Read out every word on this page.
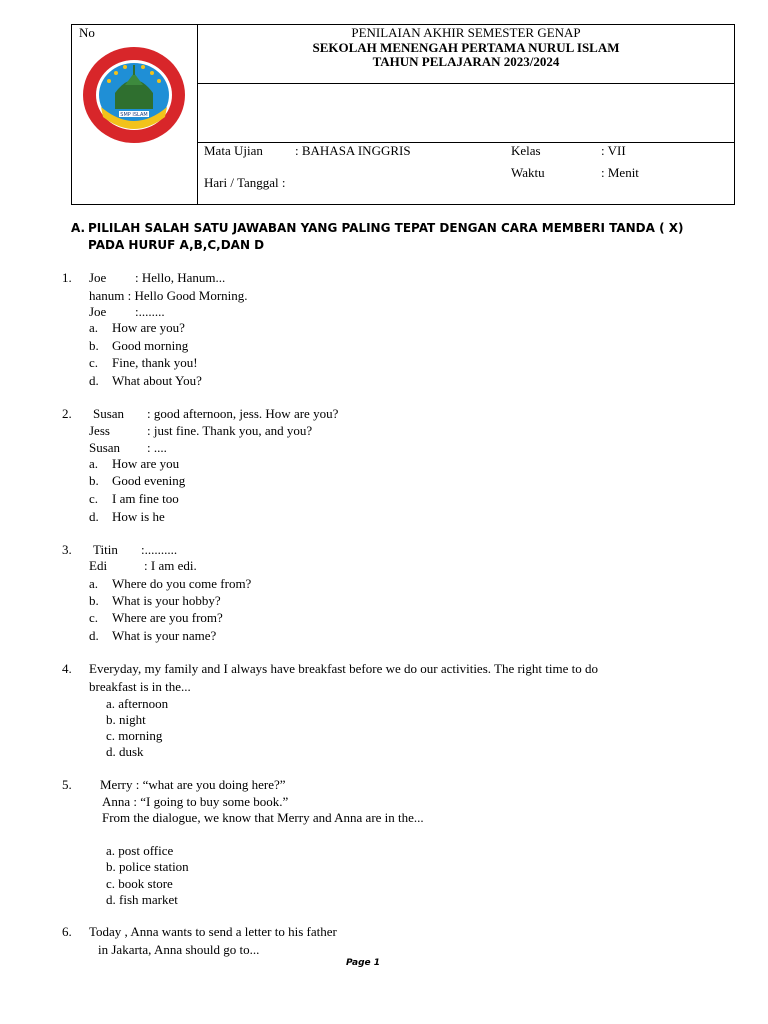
No
SMP ISLAM

PENILAIAN AKHIR SEMESTER GENAP
SEKOLAH MENENGAH PERTAMA NURUL ISLAM
TAHUN PELAJARAN 2023/2024

Mata Ujian : BAHASA INGGRIS	Kelas	: VII
Waktu	: Menit
Hari / Tanggal :
A. PILILAH SALAH SATU JAWABAN YANG PALING TEPAT DENGAN CARA MEMBERI TANDA ( X) PADA HURUF A,B,C,DAN D
1. Joe : Hello, Hanum...
hanum : Hello Good Morning.
Joe :........
a. How are you?
b. Good morning
c. Fine, thank you!
d. What about You?
2. Susan : good afternoon, jess. How are you?
Jess	: just fine. Thank you, and you?
Susan : ....
a. How are you
b. Good evening
c. I am fine too
d. How is he
3. Titin :..........
Edi	: I am edi.
a. Where do you come from?
b. What is your hobby?
c. Where are you from?
d. What is your name?
4. Everyday, my family and I always have breakfast before we do our activities. The right time to do
breakfast is in the...
a. afternoon
b. night
c. morning
d. dusk
5. Merry : “what are you doing here?”
Anna : “I going to buy some book.”
From the dialogue, we know that Merry and Anna are in the...
a. post office
b. police station
c. book store
d. fish market
6. Today , Anna wants to send a letter to his father
in Jakarta, Anna should go to...
Page 1
